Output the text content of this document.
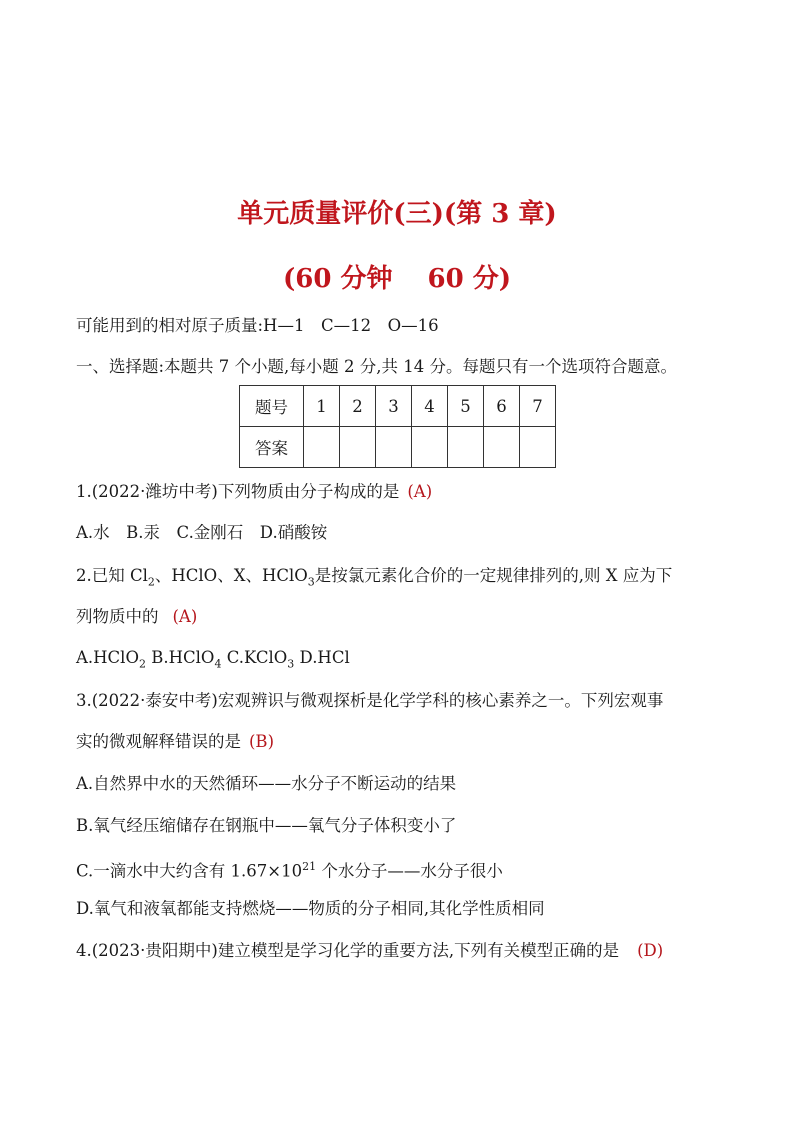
单元质量评价(三)(第 3 章)
(60 分钟　 60 分)
可能用到的相对原子质量:H—1　C—12　O—16
一、选择题:本题共 7 个小题,每小题 2 分,共 14 分。每题只有一个选项符合题意。
题号	1	2	3	4	5	6	7
答案							
1.(2022·潍坊中考)下列物质由分子构成的是 (A)
A.水　B.汞　C.金刚石　D.硝酸铵
2.已知 $Cl_2$、HClO、X、HClO$_3$是按氯元素化合价的一定规律排列的,则 X 应为下
列物质中的 (A)
A.HClO$_2$ B.HClO$_4$ C.KClO$_3$ D.HCl
3.(2022·泰安中考)宏观辨识与微观探析是化学学科的核心素养之一。下列宏观事
实的微观解释错误的是 (B)
A.自然界中水的天然循环——水分子不断运动的结果
B.氧气经压缩储存在钢瓶中——氧气分子体积变小了
C.一滴水中大约含有 $1.67\times 10^{21}$ 个水分子——水分子很小
D.氧气和液氧都能支持燃烧——物质的分子相同,其化学性质相同
4.(2023·贵阳期中)建立模型是学习化学的重要方法,下列有关模型正确的是 (D)
